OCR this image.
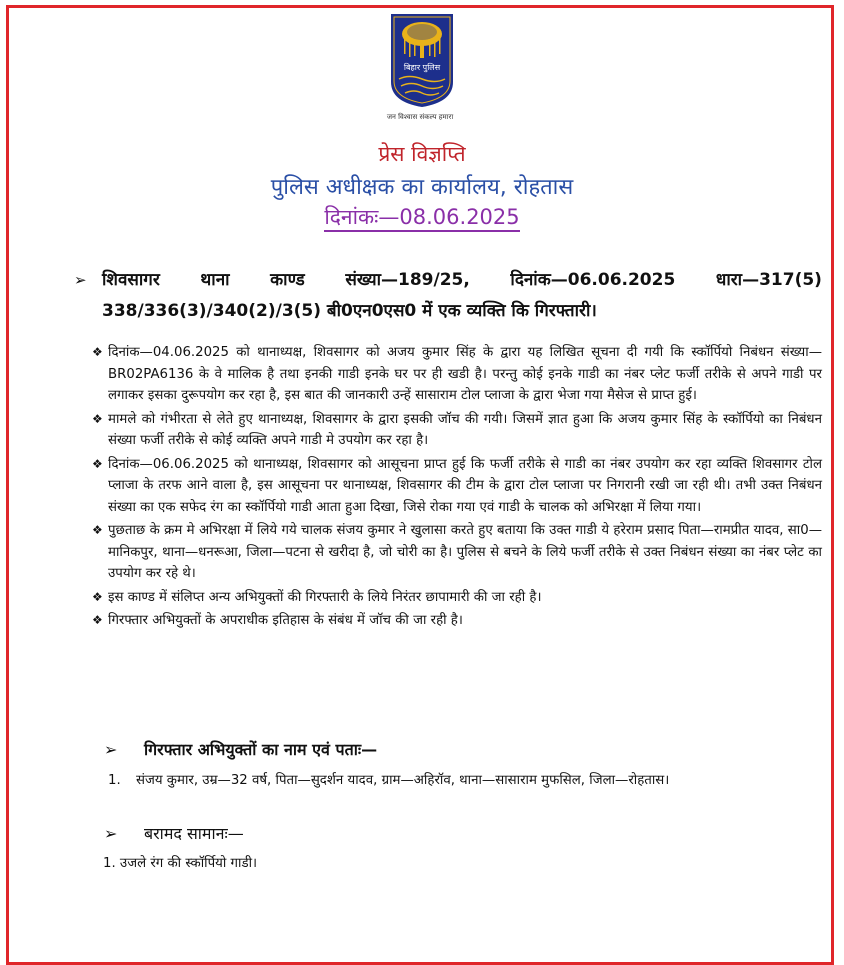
बिहार पुलिस
जन विश्वास संकल्प हमारा
प्रेस विज्ञप्ति
पुलिस अधीक्षक का कार्यालय, रोहतास
दिनांकः—08.06.2025
➢ शिवसागर थाना काण्ड संख्या—189/25, दिनांक—06.06.2025 धारा—317(5)
338/336(3)/340(2)/3(5) बी0एन0एस0 में एक व्यक्ति कि गिरफ्तारी।
❖ दिनांक—04.06.2025 को थानाध्यक्ष, शिवसागर को अजय कुमार सिंह के द्वारा यह लिखित सूचना दी गयी कि स्कॉर्पियो निबंधन संख्या—BR02PA6136 के वे मालिक है तथा इनकी गाडी इनके घर पर ही खडी है। परन्तु कोई इनके गाडी का नंबर प्लेट फर्जी तरीके से अपने गाडी पर लगाकर इसका दुरूपयोग कर रहा है, इस बात की जानकारी उन्हें सासाराम टोल प्लाजा के द्वारा भेजा गया मैसेज से प्राप्त हुई।
❖ मामले को गंभीरता से लेते हुए थानाध्यक्ष, शिवसागर के द्वारा इसकी जॉच की गयी। जिसमें ज्ञात हुआ कि अजय कुमार सिंह के स्कॉर्पियो का निबंधन संख्या फर्जी तरीके से कोई व्यक्ति अपने गाडी मे उपयोग कर रहा है।
❖ दिनांक—06.06.2025 को थानाध्यक्ष, शिवसागर को आसूचना प्राप्त हुई कि फर्जी तरीके से गाडी का नंबर उपयोग कर रहा व्यक्ति शिवसागर टोल प्लाजा के तरफ आने वाला है, इस आसूचना पर थानाध्यक्ष, शिवसागर की टीम के द्वारा टोल प्लाजा पर निगरानी रखी जा रही थी। तभी उक्त निबंधन संख्या का एक सफेद रंग का स्कॉर्पियो गाडी आता हुआ दिखा, जिसे रोका गया एवं गाडी के चालक को अभिरक्षा में लिया गया।
❖ पुछताछ के क्रम मे अभिरक्षा में लिये गये चालक संजय कुमार ने खुलासा करते हुए बताया कि उक्त गाडी ये हरेराम प्रसाद पिता—रामप्रीत यादव, सा0—मानिकपुर, थाना—धनरूआ, जिला—पटना से खरीदा है, जो चोरी का है। पुलिस से बचने के लिये फर्जी तरीके से उक्त निबंधन संख्या का नंबर प्लेट का उपयोग कर रहे थे।
❖ इस काण्ड में संलिप्त अन्य अभियुक्तों की गिरफ्तारी के लिये निरंतर छापामारी की जा रही है।
❖ गिरफ्तार अभियुक्तों के अपराधीक इतिहास के संबंध में जॉच की जा रही है।
➢ गिरफ्तार अभियुक्तों का नाम एवं पताः—
1. संजय कुमार, उम्र—32 वर्ष, पिता—सुदर्शन यादव, ग्राम—अहिरॉव, थाना—सासाराम मुफसिल, जिला—रोहतास।
➢ बरामद सामानः—
1. उजले रंग की स्कॉर्पियो गाडी।
